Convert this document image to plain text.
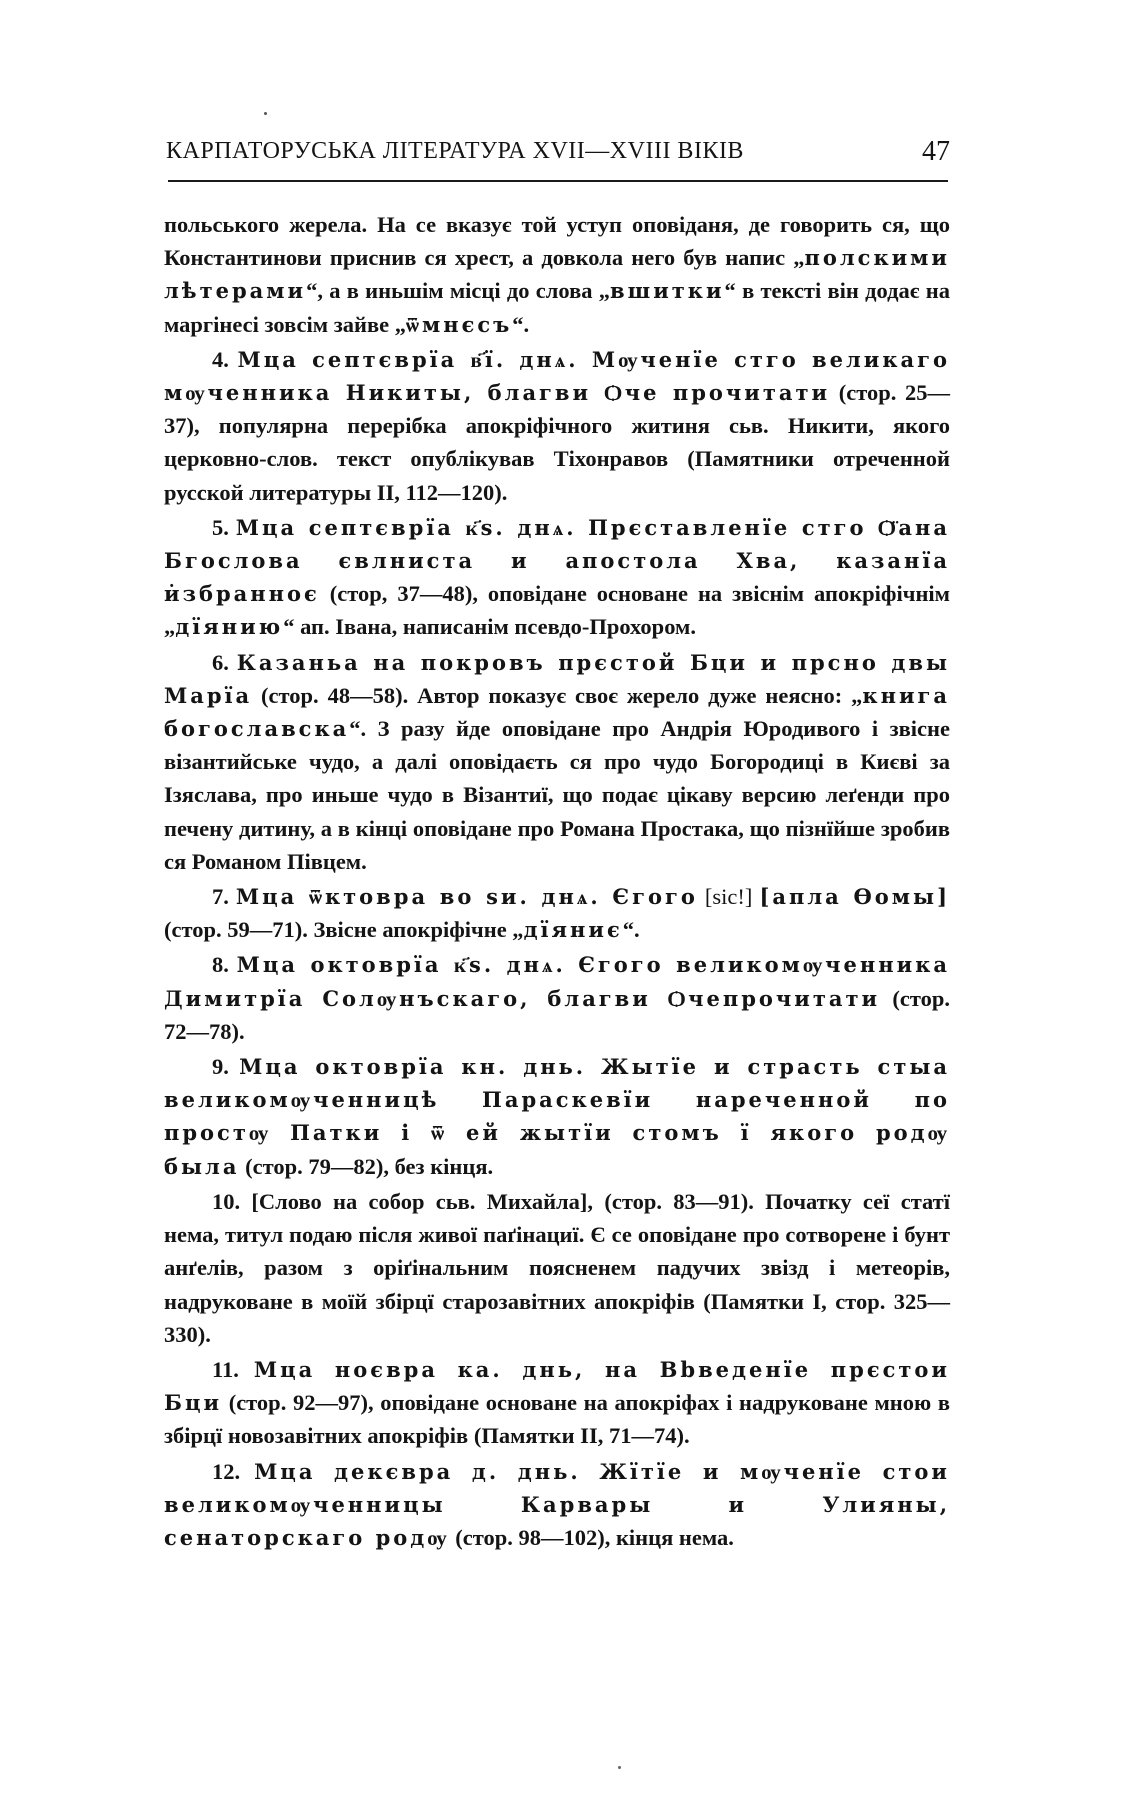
КАРПАТОРУСЬКА ЛІТЕРАТУРА XVII—XVIII ВІКІВ	47

польського жерела. На се вказує той уступ оповіданя, де говорить ся, що Константинови приснив ся хрест, а довкола него був напис „полскими лѣтерами“, а в иньшім місці до слова „вшитки“ в тексті він додає на маргінесі зовсім зайве „ѿмнєсъ“.

4. Мца септєврїа в҃ї. днѧ. Мѹченїе стго великаго мѹченника Никиты, благви Ѻче прочитати (стор. 25—37), популярна перерібка апокріфічного житиня сьв. Никити, якого церковно-слов. текст опублікував Тіхонравов (Памятники отреченной русской литературы II, 112—120).

5. Мца септєврїа к҃ѕ. днѧ. Прєставленїе стго Ѻ̈ана Бгослова євлниста и апостола Хва, казанїа и̇збранноє (стор, 37—48), оповідане основане на звіснім апокріфічнім „дїянию“ ап. Івана, написанім псевдо-Прохором.

6. Казаньа на покровъ прєстой Бци и прсно двы Марїа (стор. 48—58). Автор показує своє жерело дуже неясно: „книга богославска“. З разу йде оповідане про Андрія Юродивого і звісне візантийське чудо, а далі оповідаєть ся про чудо Богородиці в Києві за Ізяслава, про иньше чудо в Візантиї, що подає цікаву версию леґенди про печену дитину, а в кінці оповідане про Романа Простака, що пізнїйше зробив ся Романом Півцем.

7. Мца ѿктовра во ѕи. днѧ. Єгого [sic!] [апла Ѳомы] (стор. 59—71). Звісне апокріфічне „дїяниє“.

8. Мца октоврїа к҃ѕ. днѧ. Єгого великомѹченника Димитрїа Солѹнъскаго, благви Ѻчепрочитати (стор. 72—78).

9. Мца октоврїа кн. днь. Жытїе и страсть стыа великомѹченницѣ Параскевїи нареченной по простѹ Патки і ѿ ей жытїи стомъ ї якого родѹ была (стор. 79—82), без кінця.

10. [Слово на собор сьв. Михайла], (стор. 83—91). Початку сеї статї нема, титул подаю після живої паґінациї. Є се оповідане про сотворене і бунт анґелів, разом з оріґінальним поясненем падучих звізд і метеорів, надруковане в моїй збірцї старозавітних апокріфів (Памятки I, стор. 325—330).

11. Мца ноєвра ка. днь, на Вbведенїе прєстои Бци (стор. 92—97), оповідане основане на апокріфах і надруковане мною в збірцї новозавітних апокріфів (Памятки II, 71—74).

12. Мца декєвра д. днь. Жїтїе и мѹченїе стои великомѹченницы Карвары и Улияны, сенаторскаго родѹ (стор. 98—102), кінця нема.
